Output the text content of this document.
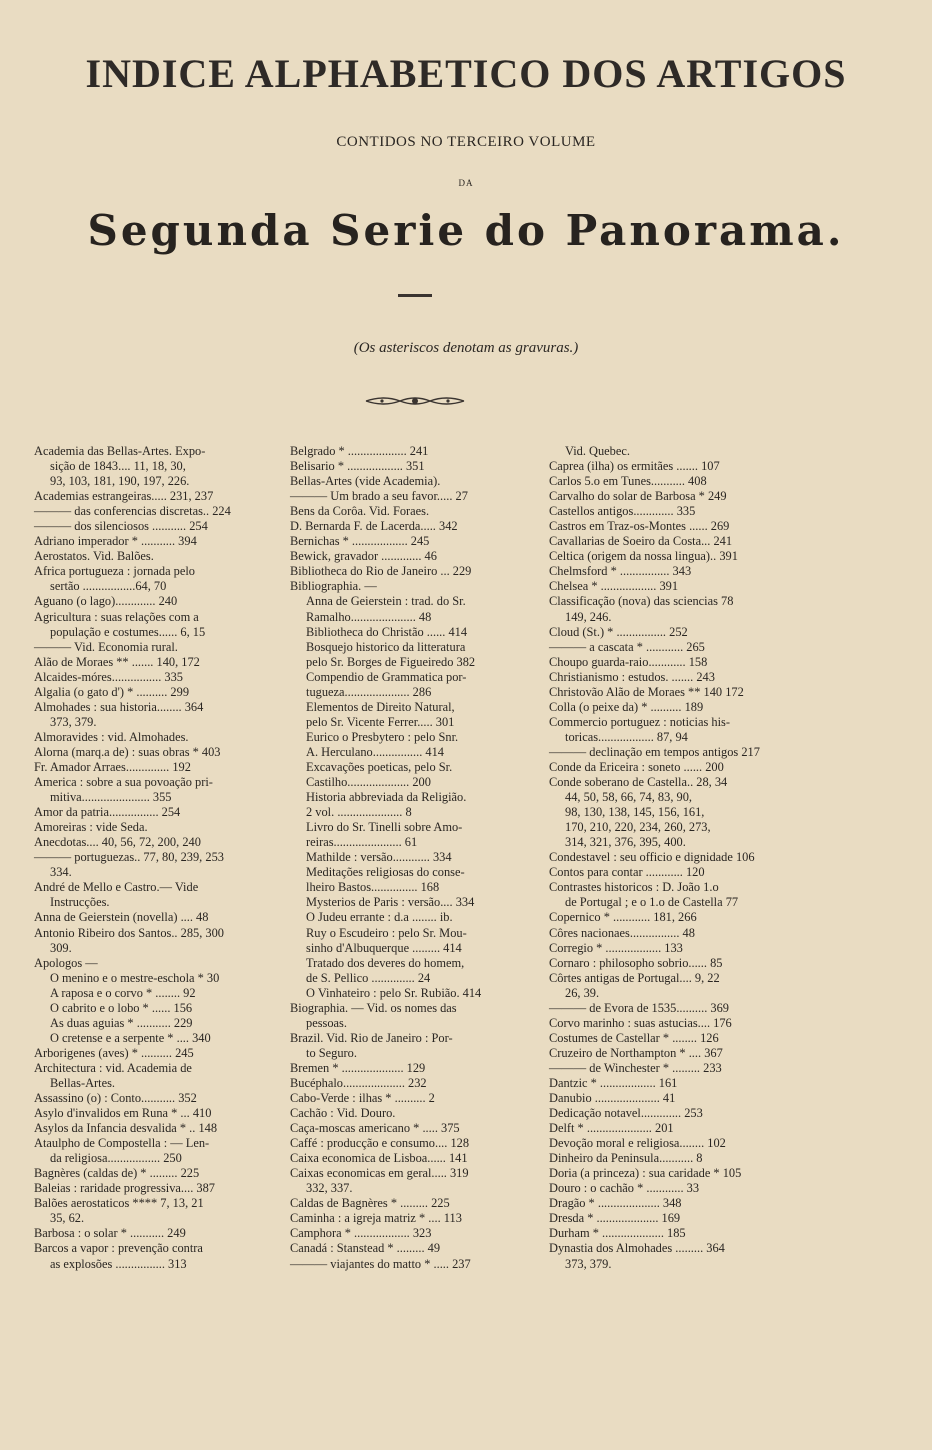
INDICE ALPHABETICO DOS ARTIGOS
CONTIDOS NO TERCEIRO VOLUME
DA
Segunda Serie do Panorama.
(Os asteriscos denotam as gravuras.)
Academia das Bellas-Artes. Expo-
sição de 1843.... 11, 18, 30,
93, 103, 181, 190, 197, 226.
Academias estrangeiras..... 231, 237
——— das conferencias discretas.. 224
——— dos silenciosos ........... 254
Adriano imperador * ........... 394
Aerostatos. Vid. Balões.
Africa portugueza : jornada pelo
sertão .................64, 70
Aguano (o lago)............. 240
Agricultura : suas relações com a
população e costumes...... 6, 15
——— Vid. Economia rural.
Alão de Moraes ** ....... 140, 172
Alcaides-móres................ 335
Algalia (o gato d') * .......... 299
Almohades : sua historia........ 364
373, 379.
Almoravides : vid. Almohades.
Alorna (marq.a de) : suas obras * 403
Fr. Amador Arraes.............. 192
America : sobre a sua povoação pri-
mitiva...................... 355
Amor da patria................ 254
Amoreiras : vide Seda.
Anecdotas.... 40, 56, 72, 200, 240
——— portuguezas.. 77, 80, 239, 253
334.
André de Mello e Castro.— Vide
Instrucções.
Anna de Geierstein (novella) .... 48
Antonio Ribeiro dos Santos.. 285, 300
309.
Apologos —
O menino e o mestre-eschola * 30
A raposa e o corvo * ........ 92
O cabrito e o lobo * ...... 156
As duas aguias * ........... 229
O cretense e a serpente * .... 340
Arborigenes (aves) * .......... 245
Architectura : vid. Academia de
Bellas-Artes.
Assassino (o) : Conto........... 352
Asylo d'invalidos em Runa * ... 410
Asylos da Infancia desvalida * .. 148
Ataulpho de Compostella : — Len-
da religiosa................. 250
Bagnères (caldas de) * ......... 225
Baleias : raridade progressiva.... 387
Balões aerostaticos **** 7, 13, 21
35, 62.
Barbosa : o solar * ........... 249
Barcos a vapor : prevenção contra
as explosões ................ 313
Belgrado * ................... 241
Belisario * .................. 351
Bellas-Artes (vide Academia).
——— Um brado a seu favor..... 27
Bens da Corôa. Vid. Foraes.
D. Bernarda F. de Lacerda..... 342
Bernichas * .................. 245
Bewick, gravador ............. 46
Bibliotheca do Rio de Janeiro ... 229
Bibliographia. —
Anna de Geierstein : trad. do Sr.
Ramalho..................... 48
Bibliotheca do Christão ...... 414
Bosquejo historico da litteratura
pelo Sr. Borges de Figueiredo 382
Compendio de Grammatica por-
tugueza..................... 286
Elementos de Direito Natural,
pelo Sr. Vicente Ferrer..... 301
Eurico o Presbytero : pelo Snr.
A. Herculano................ 414
Excavações poeticas, pelo Sr.
Castilho.................... 200
Historia abbreviada da Religião.
2 vol. ..................... 8
Livro do Sr. Tinelli sobre Amo-
reiras...................... 61
Mathilde : versão............ 334
Meditações religiosas do conse-
lheiro Bastos............... 168
Mysterios de Paris : versão.... 334
O Judeu errante : d.a ........ ib.
Ruy o Escudeiro : pelo Sr. Mou-
sinho d'Albuquerque ......... 414
Tratado dos deveres do homem,
de S. Pellico .............. 24
O Vinhateiro : pelo Sr. Rubião. 414
Biographia. — Vid. os nomes das
pessoas.
Brazil. Vid. Rio de Janeiro : Por-
to Seguro.
Bremen * .................... 129
Bucéphalo.................... 232
Cabo-Verde : ilhas * .......... 2
Cachão : Vid. Douro.
Caça-moscas americano * ..... 375
Caffé : producção e consumo.... 128
Caixa economica de Lisboa...... 141
Caixas economicas em geral..... 319
332, 337.
Caldas de Bagnères * ......... 225
Caminha : a igreja matriz * .... 113
Camphora * .................. 323
Canadá : Stanstead * ......... 49
——— viajantes do matto * ..... 237
Vid. Quebec.
Caprea (ilha) os ermitães ....... 107
Carlos 5.o em Tunes........... 408
Carvalho do solar de Barbosa * 249
Castellos antigos............. 335
Castros em Traz-os-Montes ...... 269
Cavallarias de Soeiro da Costa... 241
Celtica (origem da nossa lingua).. 391
Chelmsford * ................ 343
Chelsea * .................. 391
Classificação (nova) das sciencias 78
149, 246.
Cloud (St.) * ................ 252
——— a cascata * ............ 265
Choupo guarda-raio............ 158
Christianismo : estudos. ....... 243
Christovão Alão de Moraes ** 140 172
Colla (o peixe da) * .......... 189
Commercio portuguez : noticias his-
toricas.................. 87, 94
——— declinação em tempos antigos 217
Conde da Ericeira : soneto ...... 200
Conde soberano de Castella.. 28, 34
44, 50, 58, 66, 74, 83, 90,
98, 130, 138, 145, 156, 161,
170, 210, 220, 234, 260, 273,
314, 321, 376, 395, 400.
Condestavel : seu officio e dignidade 106
Contos para contar ............ 120
Contrastes historicos : D. João 1.o
de Portugal ; e o 1.o de Castella 77
Copernico * ............ 181, 266
Côres nacionaes................ 48
Corregio * .................. 133
Cornaro : philosopho sobrio...... 85
Côrtes antigas de Portugal.... 9, 22
26, 39.
——— de Evora de 1535.......... 369
Corvo marinho : suas astucias.... 176
Costumes de Castellar * ........ 126
Cruzeiro de Northampton * .... 367
——— de Winchester * ......... 233
Dantzic * .................. 161
Danubio ..................... 41
Dedicação notavel............. 253
Delft * ..................... 201
Devoção moral e religiosa........ 102
Dinheiro da Peninsula........... 8
Doria (a princeza) : sua caridade * 105
Douro : o cachão * ............ 33
Dragão * .................... 348
Dresda * .................... 169
Durham * .................... 185
Dynastia dos Almohades ......... 364
373, 379.
